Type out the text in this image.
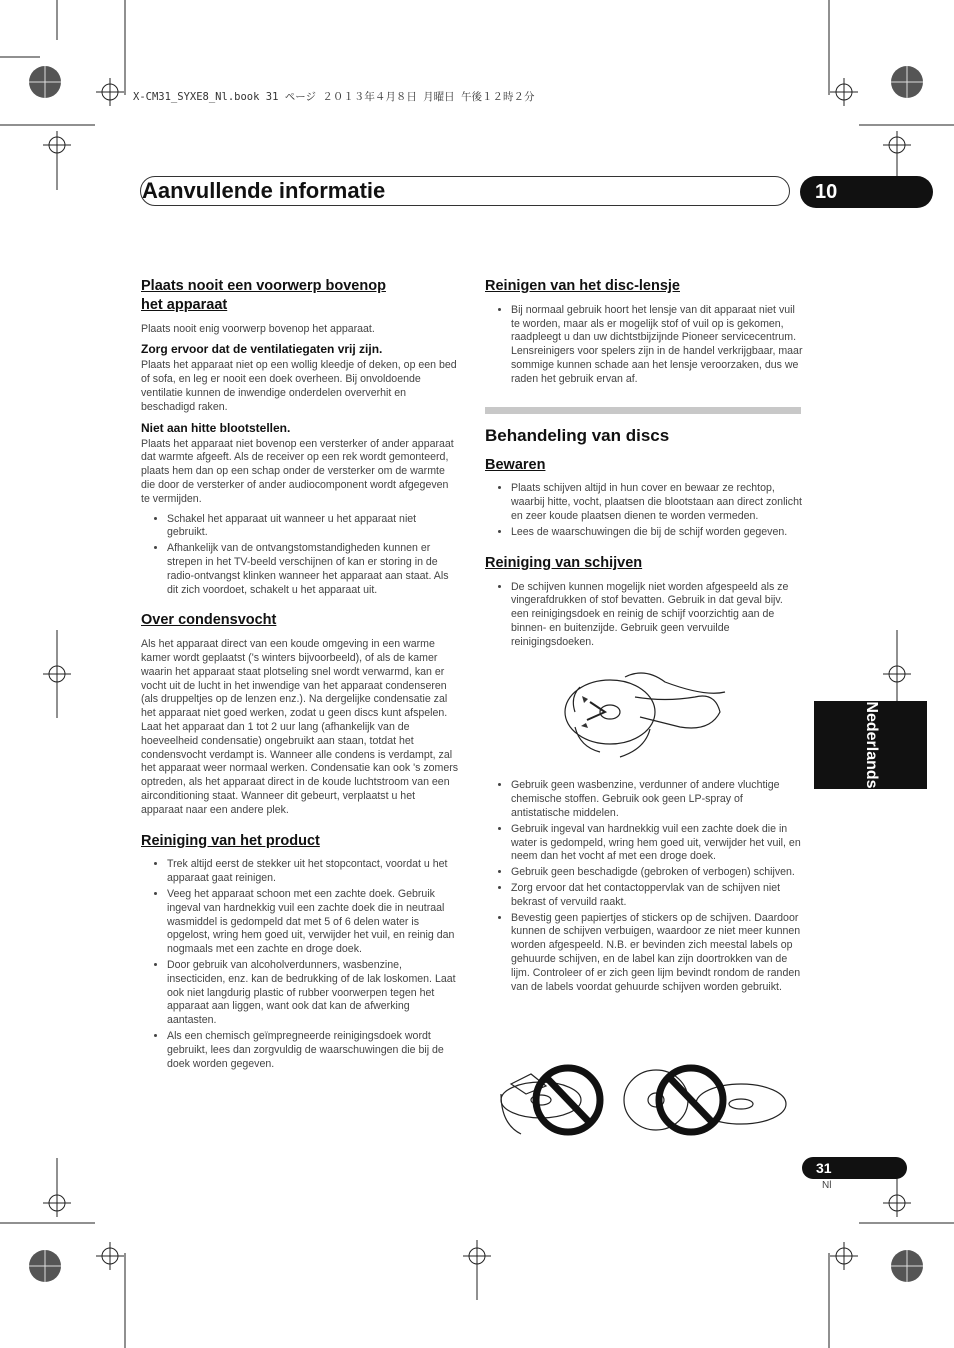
X-CM31_SYXE8_Nl.book 31 ページ ２０１３年４月８日 月曜日 午後１２時２分
Aanvullende informatie	10
Plaats nooit een voorwerp bovenop
het apparaat

Plaats nooit enig voorwerp bovenop het apparaat.

Zorg ervoor dat de ventilatiegaten vrij zijn.

Plaats het apparaat niet op een wollig kleedje of deken, op een bed of sofa, en leg er nooit een doek overheen. Bij onvoldoende ventilatie kunnen de inwendige onderdelen oververhit en beschadigd raken.

Niet aan hitte blootstellen.

Plaats het apparaat niet bovenop een versterker of ander apparaat dat warmte afgeeft. Als de receiver op een rek wordt gemonteerd, plaats hem dan op een schap onder de versterker om de warmte die door de versterker of ander audiocomponent wordt afgegeven te vermijden.

• Schakel het apparaat uit wanneer u het apparaat niet gebruikt.
• Afhankelijk van de ontvangstomstandigheden kunnen er strepen in het TV-beeld verschijnen of kan er storing in de radio-ontvangst klinken wanneer het apparaat aan staat. Als dit zich voordoet, schakelt u het apparaat uit.
Over condensvocht

Als het apparaat direct van een koude omgeving in een warme kamer wordt geplaatst ('s winters bijvoorbeeld), of als de kamer waarin het apparaat staat plotseling snel wordt verwarmd, kan er vocht uit de lucht in het inwendige van het apparaat condenseren (als druppeltjes op de lenzen enz.). Na dergelijke condensatie zal het apparaat niet goed werken, zodat u geen discs kunt afspelen. Laat het apparaat dan 1 tot 2 uur lang (afhankelijk van de hoeveelheid condensatie) ongebruikt aan staan, totdat het condensvocht verdampt is. Wanneer alle condens is verdampt, zal het apparaat weer normaal werken. Condensatie kan ook 's zomers optreden, als het apparaat direct in de koude luchtstroom van een airconditioning staat. Wanneer dit gebeurt, verplaatst u het apparaat naar een andere plek.

Reiniging van het product
• Trek altijd eerst de stekker uit het stopcontact, voordat u het apparaat gaat reinigen.
• Veeg het apparaat schoon met een zachte doek. Gebruik ingeval van hardnekkig vuil een zachte doek die in neutraal wasmiddel is gedompeld dat met 5 of 6 delen water is opgelost, wring hem goed uit, verwijder het vuil, en reinig dan nogmaals met een zachte en droge doek.
• Door gebruik van alcoholverdunners, wasbenzine, insecticiden, enz. kan de bedrukking of de lak loskomen. Laat ook niet langdurig plastic of rubber voorwerpen tegen het apparaat aan liggen, want ook dat kan de afwerking aantasten.
• Als een chemisch geïmpregneerde reinigingsdoek wordt gebruikt, lees dan zorgvuldig de waarschuwingen die bij de doek worden gegeven.
Reinigen van het disc-lensje
• Bij normaal gebruik hoort het lensje van dit apparaat niet vuil te worden, maar als er mogelijk stof of vuil op is gekomen, raadpleegt u dan uw dichtstbijzijnde Pioneer servicecentrum. Lensreinigers voor spelers zijn in de handel verkrijgbaar, maar sommige kunnen schade aan het lensje veroorzaken, dus we raden het gebruik ervan af.
Behandeling van discs
Bewaren
• Plaats schijven altijd in hun cover en bewaar ze rechtop, waarbij hitte, vocht, plaatsen die blootstaan aan direct zonlicht en zeer koude plaatsen dienen te worden vermeden.
• Lees de waarschuwingen die bij de schijf worden gegeven.
Reiniging van schijven
• De schijven kunnen mogelijk niet worden afgespeeld als ze vingerafdrukken of stof bevatten. Gebruik in dat geval bijv. een reinigingsdoek en reinig de schijf voorzichtig aan de binnen- en buitenzijde. Gebruik geen vervuilde reinigingsdoeken.
• Gebruik geen wasbenzine, verdunner of andere vluchtige chemische stoffen. Gebruik ook geen LP-spray of antistatische middelen.
• Gebruik ingeval van hardnekkig vuil een zachte doek die in water is gedompeld, wring hem goed uit, verwijder het vuil, en neem dan het vocht af met een droge doek.
• Gebruik geen beschadigde (gebroken of verbogen) schijven.
• Zorg ervoor dat het contactoppervlak van de schijven niet bekrast of vervuild raakt.
• Bevestig geen papiertjes of stickers op de schijven. Daardoor kunnen de schijven verbuigen, waardoor ze niet meer kunnen worden afgespeeld. N.B. er bevinden zich meestal labels op gehuurde schijven, en de label kan zijn doortrokken van de lijm. Controleer of er zich geen lijm bevindt rondom de randen van de labels voordat gehuurde schijven worden gebruikt.
Nederlands
31
Nl
